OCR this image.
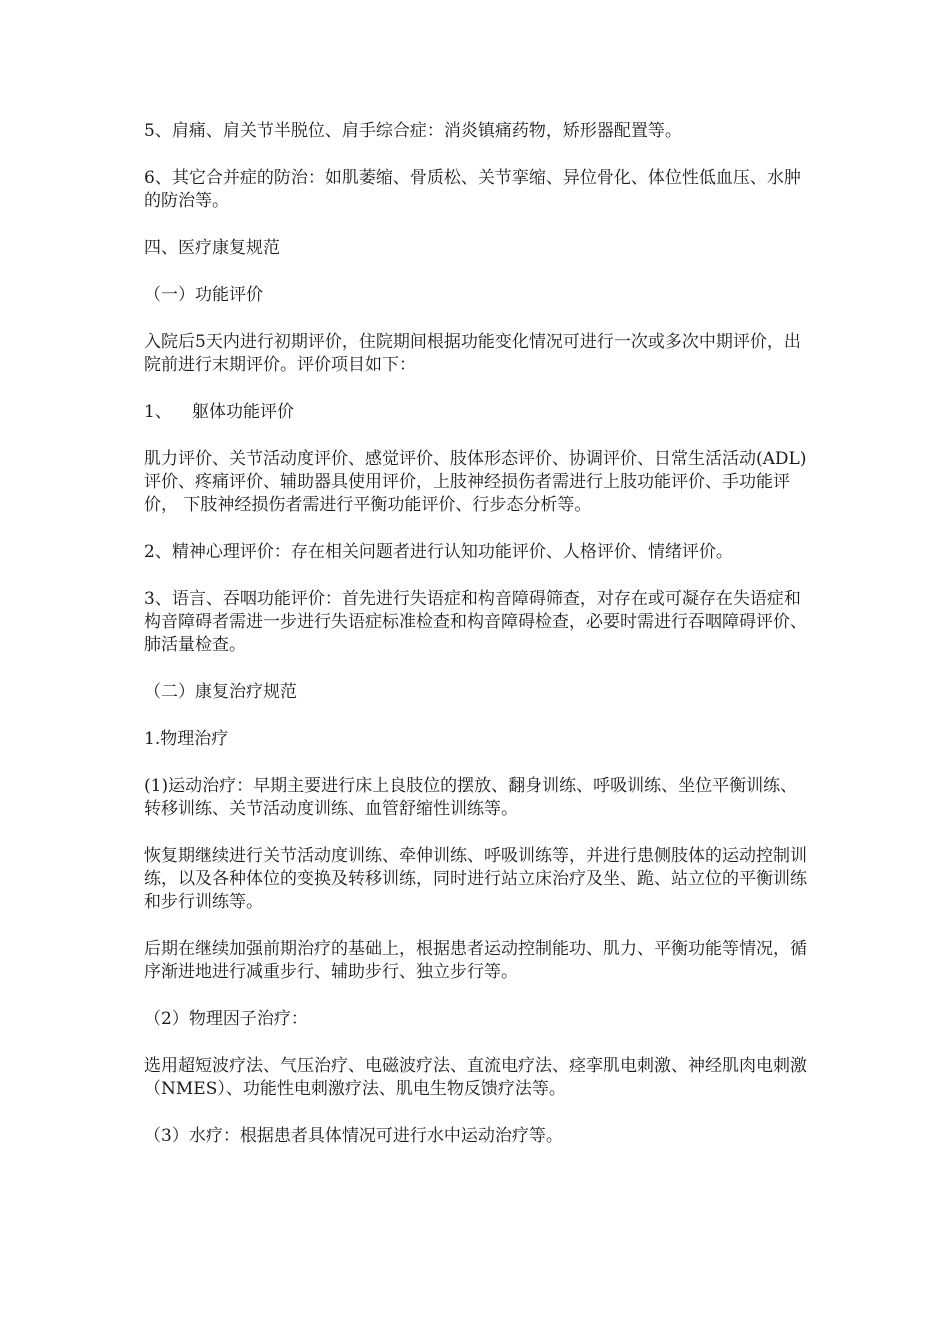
5、肩痛、肩关节半脱位、肩手综合症：消炎镇痛药物，矫形器配置等。

6、其它合并症的防治：如肌萎缩、骨质松、关节挛缩、异位骨化、体位性低血压、水肿的防治等。

四、医疗康复规范

（一）功能评价

入院后5天内进行初期评价，住院期间根据功能变化情况可进行一次或多次中期评价，出院前进行末期评价。评价项目如下：

1、 躯体功能评价

肌力评价、关节活动度评价、感觉评价、肢体形态评价、协调评价、日常生活活动(ADL)评价、疼痛评价、辅助器具使用评价，上肢神经损伤者需进行上肢功能评价、手功能评价， 下肢神经损伤者需进行平衡功能评价、行步态分析等。

2、精神心理评价：存在相关问题者进行认知功能评价、人格评价、情绪评价。

3、语言、吞咽功能评价：首先进行失语症和构音障碍筛查，对存在或可凝存在失语症和构音障碍者需进一步进行失语症标准检查和构音障碍检查，必要时需进行吞咽障碍评价、肺活量检查。

（二）康复治疗规范

1.物理治疗

(1)运动治疗：早期主要进行床上良肢位的摆放、翻身训练、呼吸训练、坐位平衡训练、转移训练、关节活动度训练、血管舒缩性训练等。

恢复期继续进行关节活动度训练、牵伸训练、呼吸训练等，并进行患侧肢体的运动控制训练，以及各种体位的变换及转移训练，同时进行站立床治疗及坐、跪、站立位的平衡训练和步行训练等。

后期在继续加强前期治疗的基础上，根据患者运动控制能功、肌力、平衡功能等情况，循序渐进地进行减重步行、辅助步行、独立步行等。

（2）物理因子治疗：

选用超短波疗法、气压治疗、电磁波疗法、直流电疗法、痉挛肌电刺激、神经肌肉电刺激（NMES）、功能性电刺激疗法、肌电生物反馈疗法等。

（3）水疗：根据患者具体情况可进行水中运动治疗等。
